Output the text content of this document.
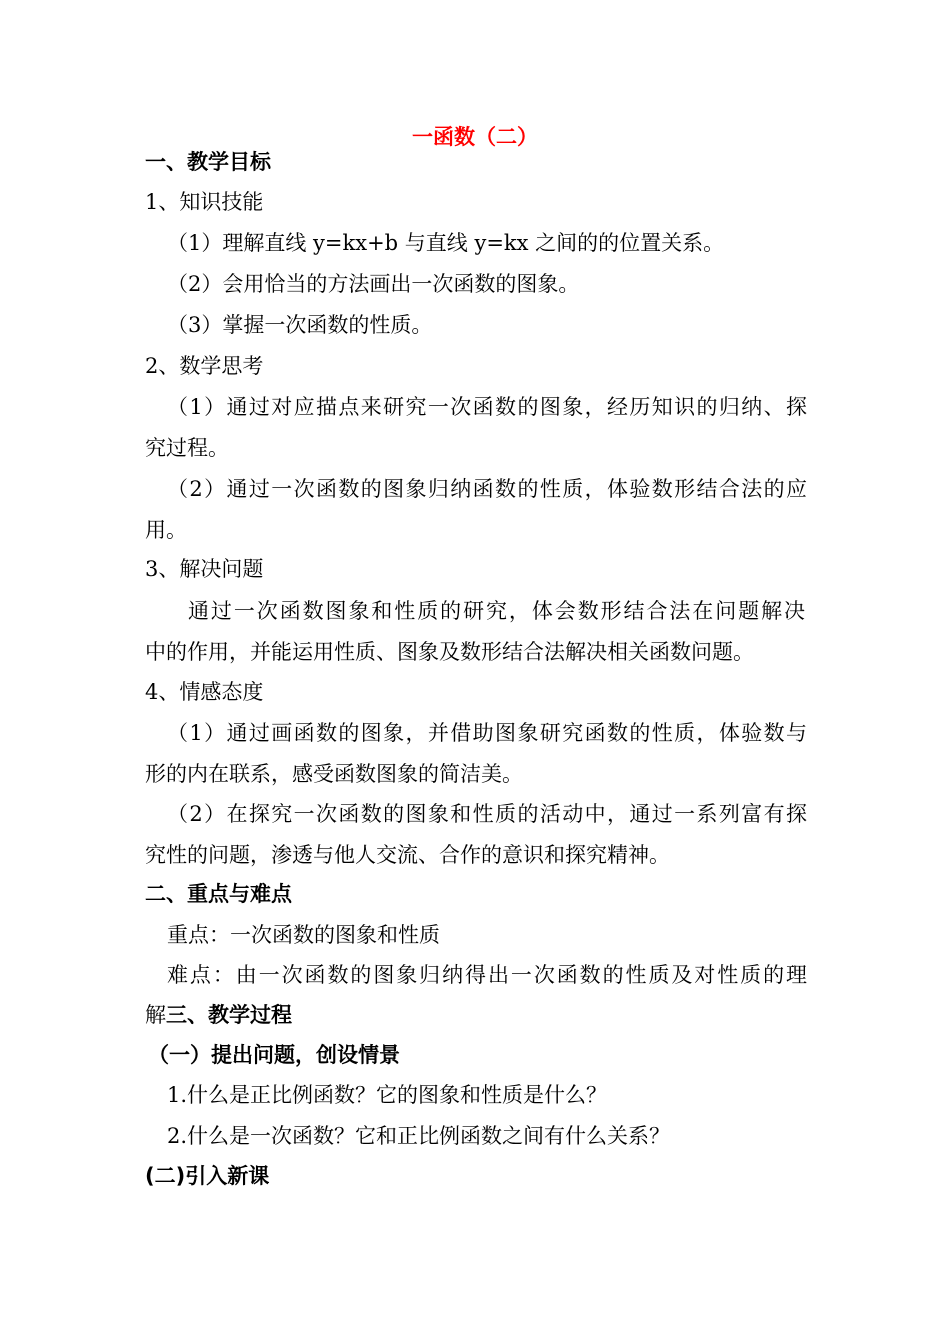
一函数（二）
一、教学目标
1、知识技能
（1）理解直线 y=kx+b 与直线 y=kx 之间的的位置关系。
（2）会用恰当的方法画出一次函数的图象。
（3）掌握一次函数的性质。
2、数学思考
（1）通过对应描点来研究一次函数的图象，经历知识的归纳、探
究过程。
（2）通过一次函数的图象归纳函数的性质，体验数形结合法的应
用。
3、解决问题
通过一次函数图象和性质的研究，体会数形结合法在问题解决
中的作用，并能运用性质、图象及数形结合法解决相关函数问题。
4、情感态度
（1）通过画函数的图象，并借助图象研究函数的性质，体验数与
形的内在联系，感受函数图象的简洁美。
（2）在探究一次函数的图象和性质的活动中，通过一系列富有探
究性的问题，渗透与他人交流、合作的意识和探究精神。
二、重点与难点
重点：一次函数的图象和性质
难点：由一次函数的图象归纳得出一次函数的性质及对性质的理
解三、教学过程
（一）提出问题，创设情景
1.什么是正比例函数？它的图象和性质是什么？
2.什么是一次函数？它和正比例函数之间有什么关系？
(二)引入新课
